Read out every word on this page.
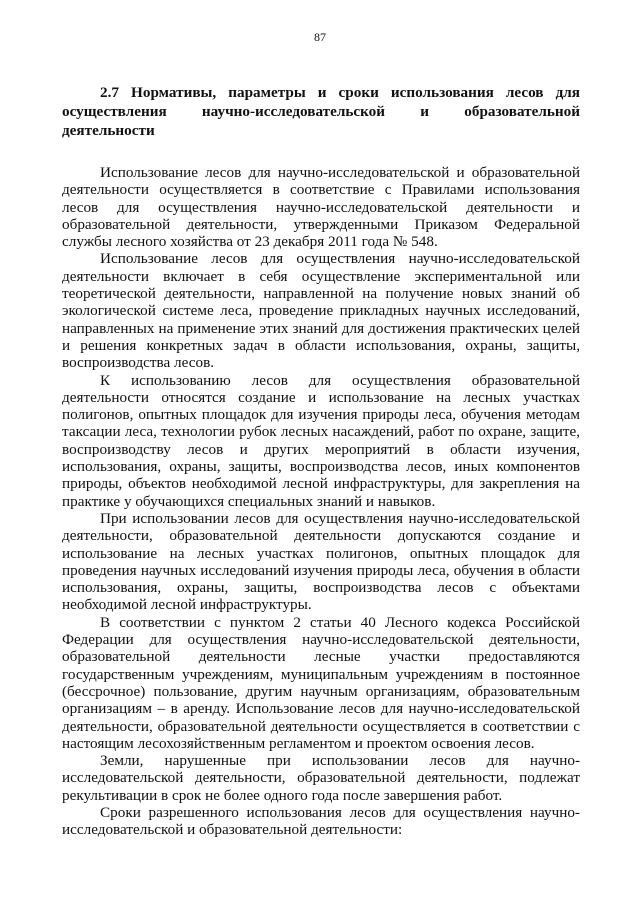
87

2.7 Нормативы, параметры и сроки использования лесов для осуществления научно-исследовательской и образовательной деятельности

Использование лесов для научно-исследовательской и образовательной деятельности осуществляется в соответствие с Правилами использования лесов для осуществления научно-исследовательской деятельности и образовательной деятельности, утвержденными Приказом Федеральной службы лесного хозяйства от 23 декабря 2011 года № 548.

Использование лесов для осуществления научно-исследовательской деятельности включает в себя осуществление экспериментальной или теоретической деятельности, направленной на получение новых знаний об экологической системе леса, проведение прикладных научных исследований, направленных на применение этих знаний для достижения практических целей и решения конкретных задач в области использования, охраны, защиты, воспроизводства лесов.

К использованию лесов для осуществления образовательной деятельности относятся создание и использование на лесных участках полигонов, опытных площадок для изучения природы леса, обучения методам таксации леса, технологии рубок лесных насаждений, работ по охране, защите, воспроизводству лесов и других мероприятий в области изучения, использования, охраны, защиты, воспроизводства лесов, иных компонентов природы, объектов необходимой лесной инфраструктуры, для закрепления на практике у обучающихся специальных знаний и навыков.

При использовании лесов для осуществления научно-исследовательской деятельности, образовательной деятельности допускаются создание и использование на лесных участках полигонов, опытных площадок для проведения научных исследований изучения природы леса, обучения в области использования, охраны, защиты, воспроизводства лесов с объектами необходимой лесной инфраструктуры.

В соответствии с пунктом 2 статьи 40 Лесного кодекса Российской Федерации для осуществления научно-исследовательской деятельности, образовательной деятельности лесные участки предоставляются государственным учреждениям, муниципальным учреждениям в постоянное (бессрочное) пользование, другим научным организациям, образовательным организациям – в аренду. Использование лесов для научно-исследовательской деятельности, образовательной деятельности осуществляется в соответствии с настоящим лесохозяйственным регламентом и проектом освоения лесов.

Земли, нарушенные при использовании лесов для научно-исследовательской деятельности, образовательной деятельности, подлежат рекультивации в срок не более одного года после завершения работ.

Сроки разрешенного использования лесов для осуществления научно-исследовательской и образовательной деятельности:
